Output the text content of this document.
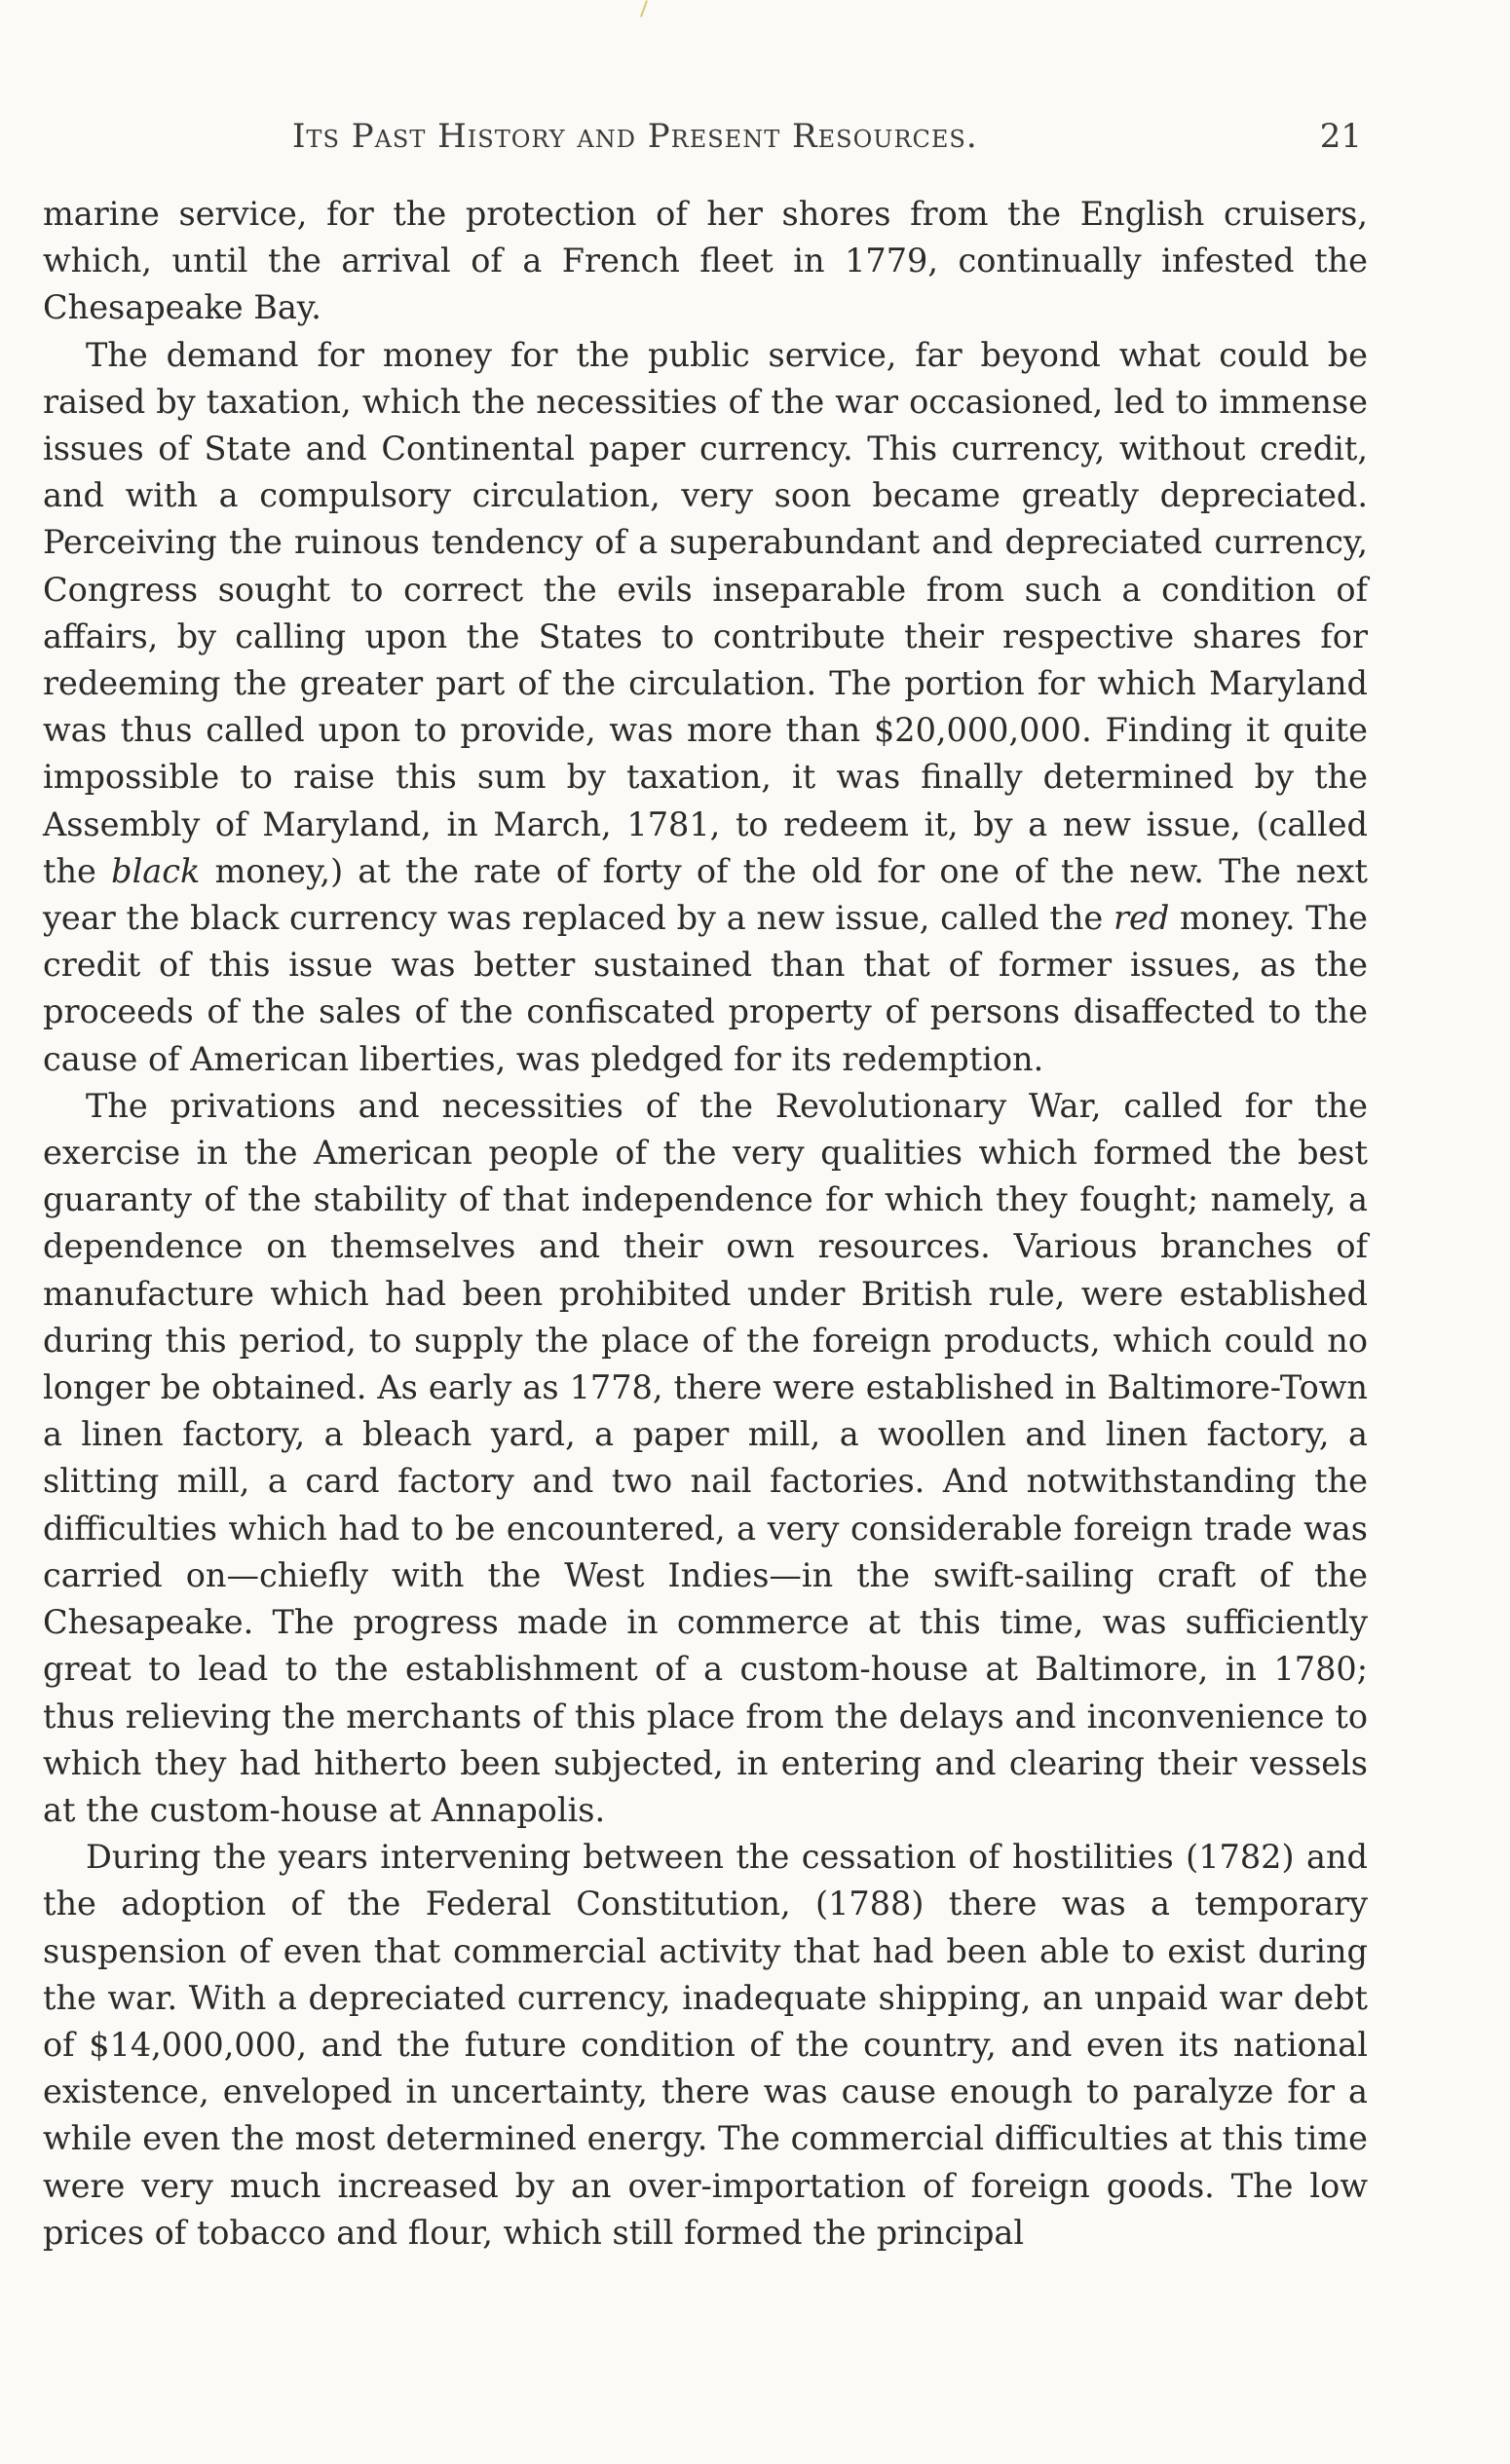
Its Past History and Present Resources.	21

marine service, for the protection of her shores from the English cruisers, which, until the arrival of a French fleet in 1779, continually infested the Chesapeake Bay.

The demand for money for the public service, far beyond what could be raised by taxation, which the necessities of the war occasioned, led to immense issues of State and Continental paper currency. This currency, without credit, and with a compulsory circulation, very soon became greatly depreciated. Perceiving the ruinous tendency of a superabundant and depreciated currency, Congress sought to correct the evils inseparable from such a condition of affairs, by calling upon the States to contribute their respective shares for redeeming the greater part of the circulation. The portion for which Maryland was thus called upon to provide, was more than $20,000,000. Finding it quite impossible to raise this sum by taxation, it was finally determined by the Assembly of Maryland, in March, 1781, to redeem it, by a new issue, (called the black money,) at the rate of forty of the old for one of the new. The next year the black currency was replaced by a new issue, called the red money. The credit of this issue was better sustained than that of former issues, as the proceeds of the sales of the confiscated property of persons disaffected to the cause of American liberties, was pledged for its redemption.

The privations and necessities of the Revolutionary War, called for the exercise in the American people of the very qualities which formed the best guaranty of the stability of that independence for which they fought; namely, a dependence on themselves and their own resources. Various branches of manufacture which had been prohibited under British rule, were established during this period, to supply the place of the foreign products, which could no longer be obtained. As early as 1778, there were established in Baltimore-Town a linen factory, a bleach yard, a paper mill, a woollen and linen factory, a slitting mill, a card factory and two nail factories. And notwithstanding the difficulties which had to be encountered, a very considerable foreign trade was carried on—chiefly with the West Indies—in the swift-sailing craft of the Chesapeake. The progress made in commerce at this time, was sufficiently great to lead to the establishment of a custom-house at Baltimore, in 1780; thus relieving the merchants of this place from the delays and inconvenience to which they had hitherto been subjected, in entering and clearing their vessels at the custom-house at Annapolis.

During the years intervening between the cessation of hostilities (1782) and the adoption of the Federal Constitution, (1788) there was a temporary suspension of even that commercial activity that had been able to exist during the war. With a depreciated currency, inadequate shipping, an unpaid war debt of $14,000,000, and the future condition of the country, and even its national existence, enveloped in uncertainty, there was cause enough to paralyze for a while even the most determined energy. The commercial difficulties at this time were very much increased by an over-importation of foreign goods. The low prices of tobacco and flour, which still formed the principal
